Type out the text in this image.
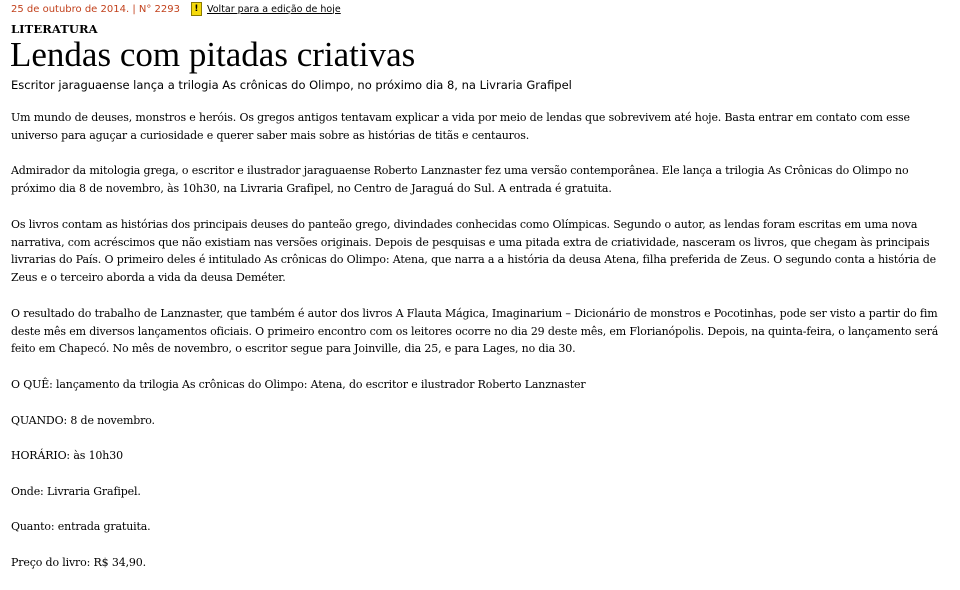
25 de outubro de 2014. | N° 2293	! Voltar para a edição de hoje
LITERATURA
Lendas com pitadas criativas
Escritor jaraguaense lança a trilogia As crônicas do Olimpo, no próximo dia 8, na Livraria Grafipel

Um mundo de deuses, monstros e heróis. Os gregos antigos tentavam explicar a vida por meio de lendas que sobrevivem até hoje. Basta entrar em contato com esse universo para aguçar a curiosidade e querer saber mais sobre as histórias de titãs e centauros.

Admirador da mitologia grega, o escritor e ilustrador jaraguaense Roberto Lanznaster fez uma versão contemporânea. Ele lança a trilogia As Crônicas do Olimpo no próximo dia 8 de novembro, às 10h30, na Livraria Grafipel, no Centro de Jaraguá do Sul. A entrada é gratuita.

Os livros contam as histórias dos principais deuses do panteão grego, divindades conhecidas como Olímpicas. Segundo o autor, as lendas foram escritas em uma nova narrativa, com acréscimos que não existiam nas versões originais. Depois de pesquisas e uma pitada extra de criatividade, nasceram os livros, que chegam às principais livrarias do País. O primeiro deles é intitulado As crônicas do Olimpo: Atena, que narra a a história da deusa Atena, filha preferida de Zeus. O segundo conta a história de Zeus e o terceiro aborda a vida da deusa Deméter.

O resultado do trabalho de Lanznaster, que também é autor dos livros A Flauta Mágica, Imaginarium – Dicionário de monstros e Pocotinhas, pode ser visto a partir do fim deste mês em diversos lançamentos oficiais. O primeiro encontro com os leitores ocorre no dia 29 deste mês, em Florianópolis. Depois, na quinta-feira, o lançamento será feito em Chapecó. No mês de novembro, o escritor segue para Joinville, dia 25, e para Lages, no dia 30.

O QUÊ: lançamento da trilogia As crônicas do Olimpo: Atena, do escritor e ilustrador Roberto Lanznaster

QUANDO: 8 de novembro.

HORÁRIO: às 10h30

Onde: Livraria Grafipel.

Quanto: entrada gratuita.

Preço do livro: R$ 34,90.
